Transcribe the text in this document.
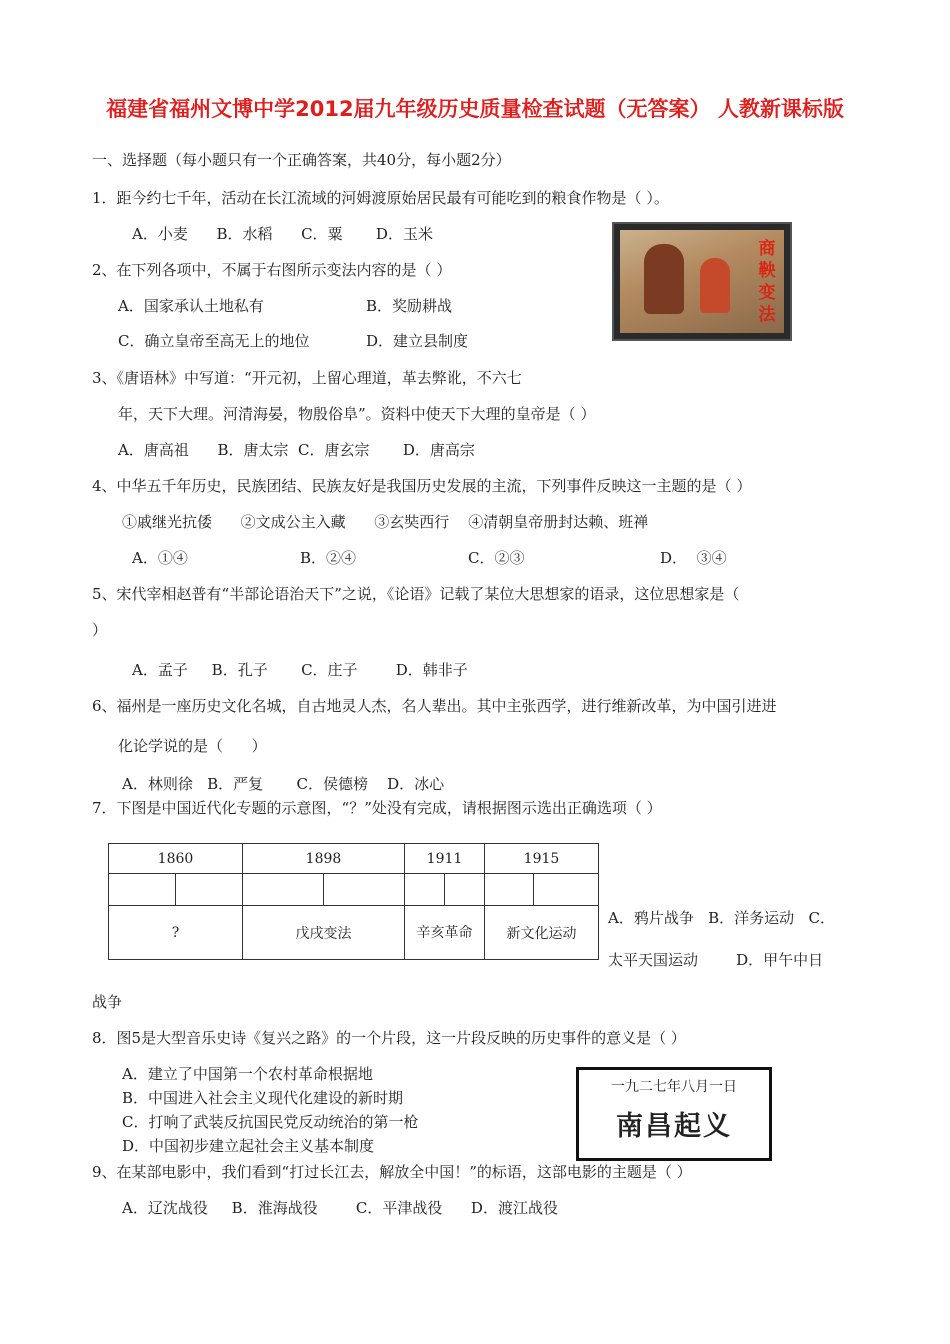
福建省福州文博中学2012届九年级历史质量检查试题（无答案） 人教新课标版
一、选择题（每小题只有一个正确答案，共40分，每小题2分）
1．距今约七千年，活动在长江流域的河姆渡原始居民最有可能吃到的粮食作物是（ ）。
A．小麦      B．水稻      C．粟       D．玉米
2、在下列各项中，不属于右图所示变法内容的是（ ）
A．国家承认土地私有	B．奖励耕战
C．确立皇帝至高无上的地位	D．建立县制度
商鞅变法
3、《唐语林》中写道：“开元初，上留心理道，革去弊讹，不六七
年，天下大理。河清海晏，物殷俗阜”。资料中使天下大理的皇帝是（ ）
A．唐高祖      B．唐太宗  C．唐玄宗       D．唐高宗
4、中华五千年历史，民族团结、民族友好是我国历史发展的主流，下列事件反映这一主题的是（ ）
①戚继光抗倭      ②文成公主入藏      ③玄奘西行    ④清朝皇帝册封达赖、班禅
A．①④	B．②④	C．②③	D．  ③④
5、宋代宰相赵普有“半部论语治天下”之说，《论语》记载了某位大思想家的语录，这位思想家是（
）
A．孟子     B．孔子       C．庄子        D．韩非子
6、福州是一座历史文化名城，自古地灵人杰，名人辈出。其中主张西学，进行维新改革，为中国引进进
化论学说的是（      ）
A．林则徐   B．严复       C．侯德榜    D．冰心
7．下图是中国近代化专题的示意图，“？”处没有完成，请根据图示选出正确选项（ ）
1860		1898		1911		1915	

?		戊戌变法		辛亥革命		新文化运动	
A．鸦片战争   B．洋务运动   C．
太平天国运动        D．甲午中日
战争
8．图5是大型音乐史诗《复兴之路》的一个片段，这一片段反映的历史事件的意义是（ ）
A．建立了中国第一个农村革命根据地
B．中国进入社会主义现代化建设的新时期
C．打响了武装反抗国民党反动统治的第一枪
D．中国初步建立起社会主义基本制度
一九二七年八月一日
南昌起义
9、在某部电影中，我们看到“打过长江去，解放全中国！”的标语，这部电影的主题是（ ）
A．辽沈战役     B．淮海战役        C．平津战役      D．渡江战役
